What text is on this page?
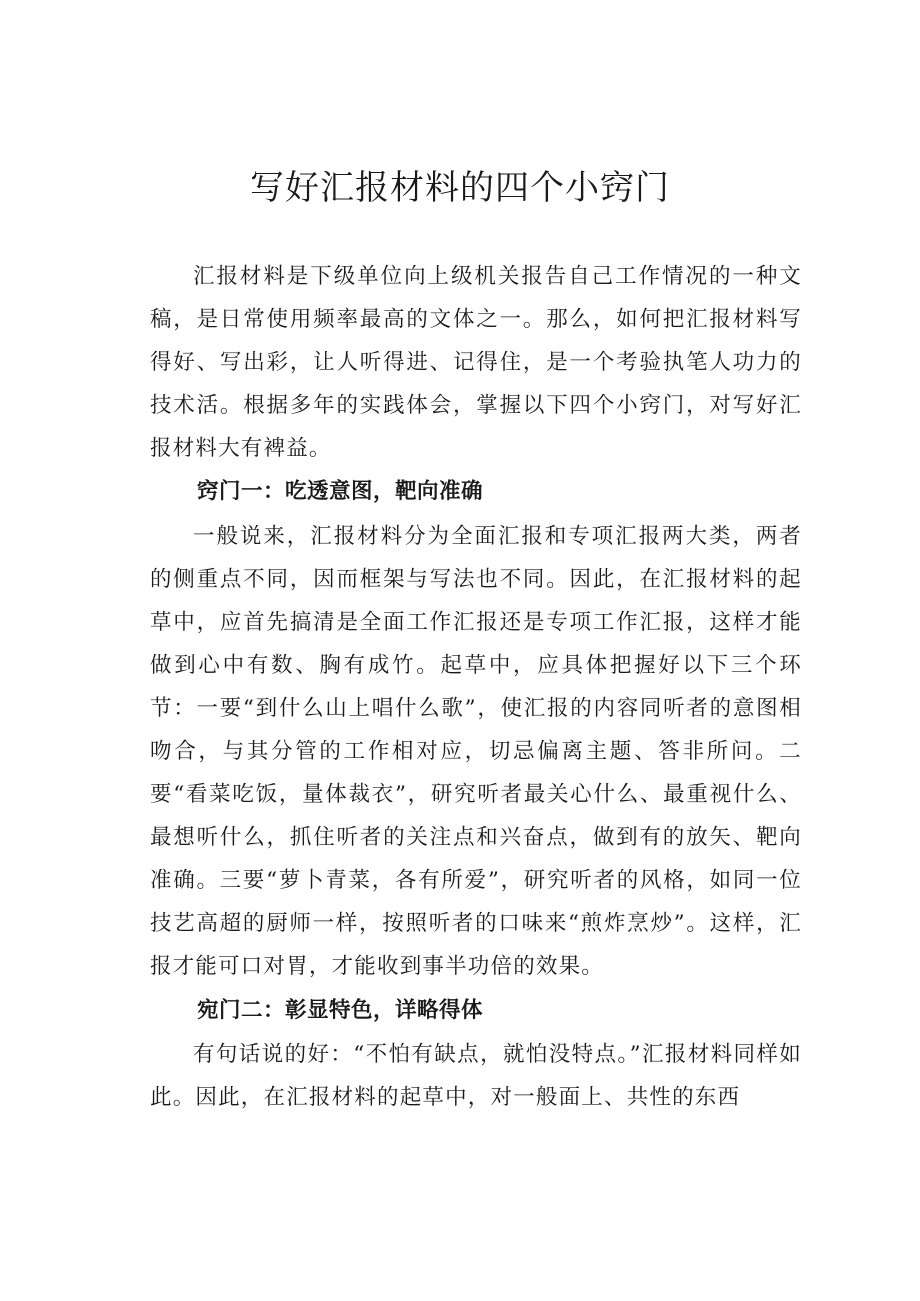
写好汇报材料的四个小窍门

汇报材料是下级单位向上级机关报告自己工作情况的一种文稿，是日常使用频率最高的文体之一。那么，如何把汇报材料写得好、写出彩，让人听得进、记得住，是一个考验执笔人功力的技术活。根据多年的实践体会，掌握以下四个小窍门，对写好汇报材料大有裨益。

窍门一：吃透意图，靶向准确

一般说来，汇报材料分为全面汇报和专项汇报两大类，两者的侧重点不同，因而框架与写法也不同。因此，在汇报材料的起草中，应首先搞清是全面工作汇报还是专项工作汇报，这样才能做到心中有数、胸有成竹。起草中，应具体把握好以下三个环节：一要“到什么山上唱什么歌”，使汇报的内容同听者的意图相吻合，与其分管的工作相对应，切忌偏离主题、答非所问。二要“看菜吃饭，量体裁衣”，研究听者最关心什么、最重视什么、最想听什么，抓住听者的关注点和兴奋点，做到有的放矢、靶向准确。三要“萝卜青菜，各有所爱”，研究听者的风格，如同一位技艺高超的厨师一样，按照听者的口味来“煎炸烹炒”。这样，汇报才能可口对胃，才能收到事半功倍的效果。

宛门二：彰显特色，详略得体

有句话说的好：“不怕有缺点，就怕没特点。”汇报材料同样如此。因此，在汇报材料的起草中，对一般面上、共性的东西
